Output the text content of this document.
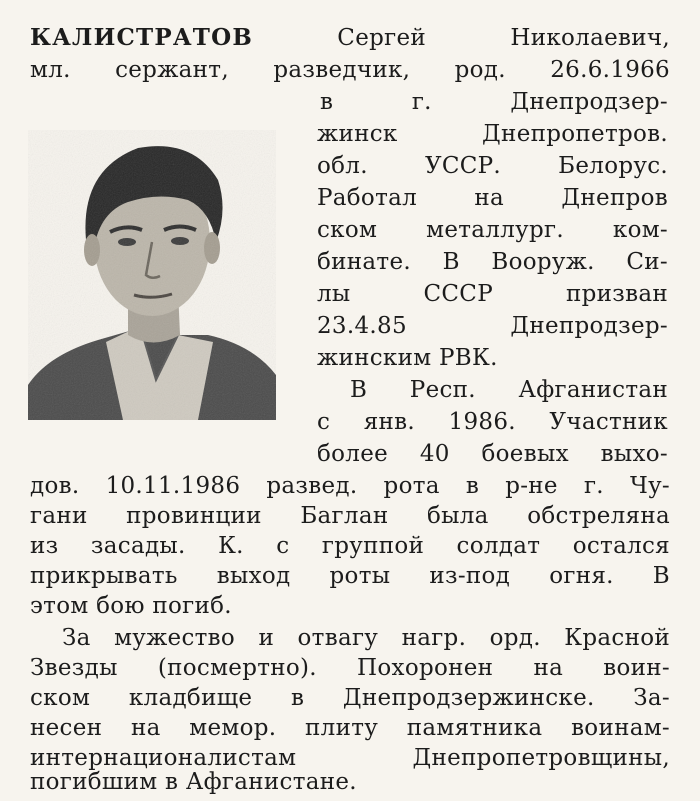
КАЛИСТРАТОВ	Сергей Николаевич,
мл. сержант, разведчик, род. 26.6.1966
в г. Днепродзер-
жинск Днепропетров.
обл. УССР. Белорус.
Работал на Днепров
ском металлург. ком-
бинате. В Вооруж. Си-
лы СССР призван
23.4.85 Днепродзер-
жинским РВК.
В Респ. Афганистан
с янв. 1986. Участник
более 40 боевых выхо-
дов. 10.11.1986 развед. рота в р-не г. Чу-
гани провинции Баглан была обстреляна
из засады. К. с группой солдат остался
прикрывать выход роты из-под огня. В
этом бою погиб.
За мужество и отвагу нагр. орд. Красной
Звезды (посмертно). Похоронен на воин-
ском кладбище в Днепродзержинске. За-
несен на мемор. плиту памятника воинам-
интернационалистам Днепропетровщины,
погибшим в Афганистане.
